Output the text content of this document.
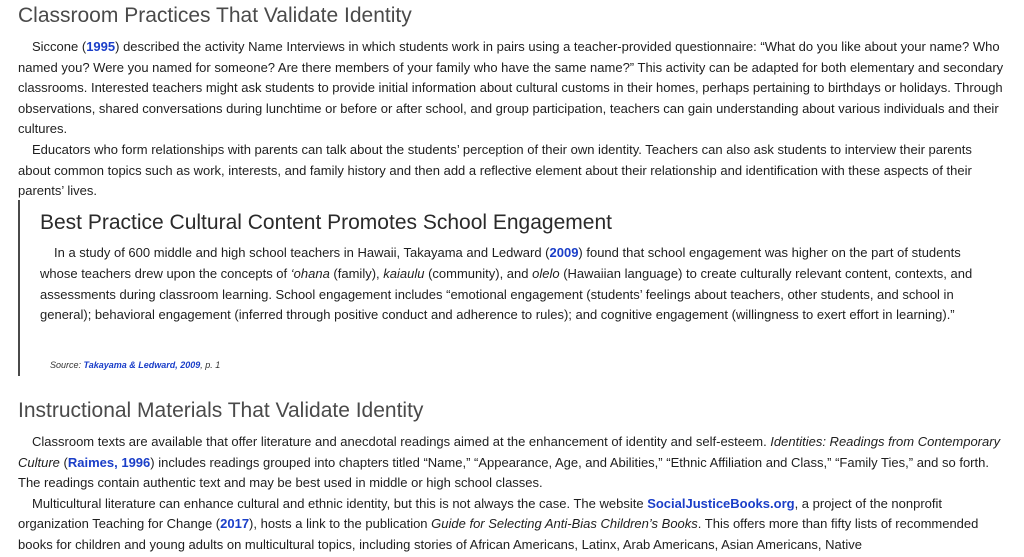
Classroom Practices That Validate Identity

Siccone (1995) described the activity Name Interviews in which students work in pairs using a teacher-provided questionnaire: “What do you like about your name? Who named you? Were you named for someone? Are there members of your family who have the same name?” This activity can be adapted for both elementary and secondary classrooms. Interested teachers might ask students to provide initial information about cultural customs in their homes, perhaps pertaining to birthdays or holidays. Through observations, shared conversations during lunchtime or before or after school, and group participation, teachers can gain understanding about various individuals and their cultures.

Educators who form relationships with parents can talk about the students’ perception of their own identity. Teachers can also ask students to interview their parents about common topics such as work, interests, and family history and then add a reflective element about their relationship and identification with these aspects of their parents’ lives.

Best Practice Cultural Content Promotes School Engagement

In a study of 600 middle and high school teachers in Hawaii, Takayama and Ledward (2009) found that school engagement was higher on the part of students whose teachers drew upon the concepts of ‘ohana (family), kaiaulu (community), and olelo (Hawaiian language) to create culturally relevant content, contexts, and assessments during classroom learning. School engagement includes “emotional engagement (students’ feelings about teachers, other students, and school in general); behavioral engagement (inferred through positive conduct and adherence to rules); and cognitive engagement (willingness to exert effort in learning).”

Source: Takayama & Ledward, 2009, p. 1
Instructional Materials That Validate Identity

Classroom texts are available that offer literature and anecdotal readings aimed at the enhancement of identity and self-esteem. Identities: Readings from Contemporary Culture (Raimes, 1996) includes readings grouped into chapters titled “Name,” “Appearance, Age, and Abilities,” “Ethnic Affiliation and Class,” “Family Ties,” and so forth. The readings contain authentic text and may be best used in middle or high school classes.

Multicultural literature can enhance cultural and ethnic identity, but this is not always the case. The website SocialJusticeBooks.org, a project of the nonprofit organization Teaching for Change (2017), hosts a link to the publication Guide for Selecting Anti-Bias Children’s Books. This offers more than fifty lists of recommended books for children and young adults on multicultural topics, including stories of African Americans, Latinx, Arab Americans, Asian Americans, Native
